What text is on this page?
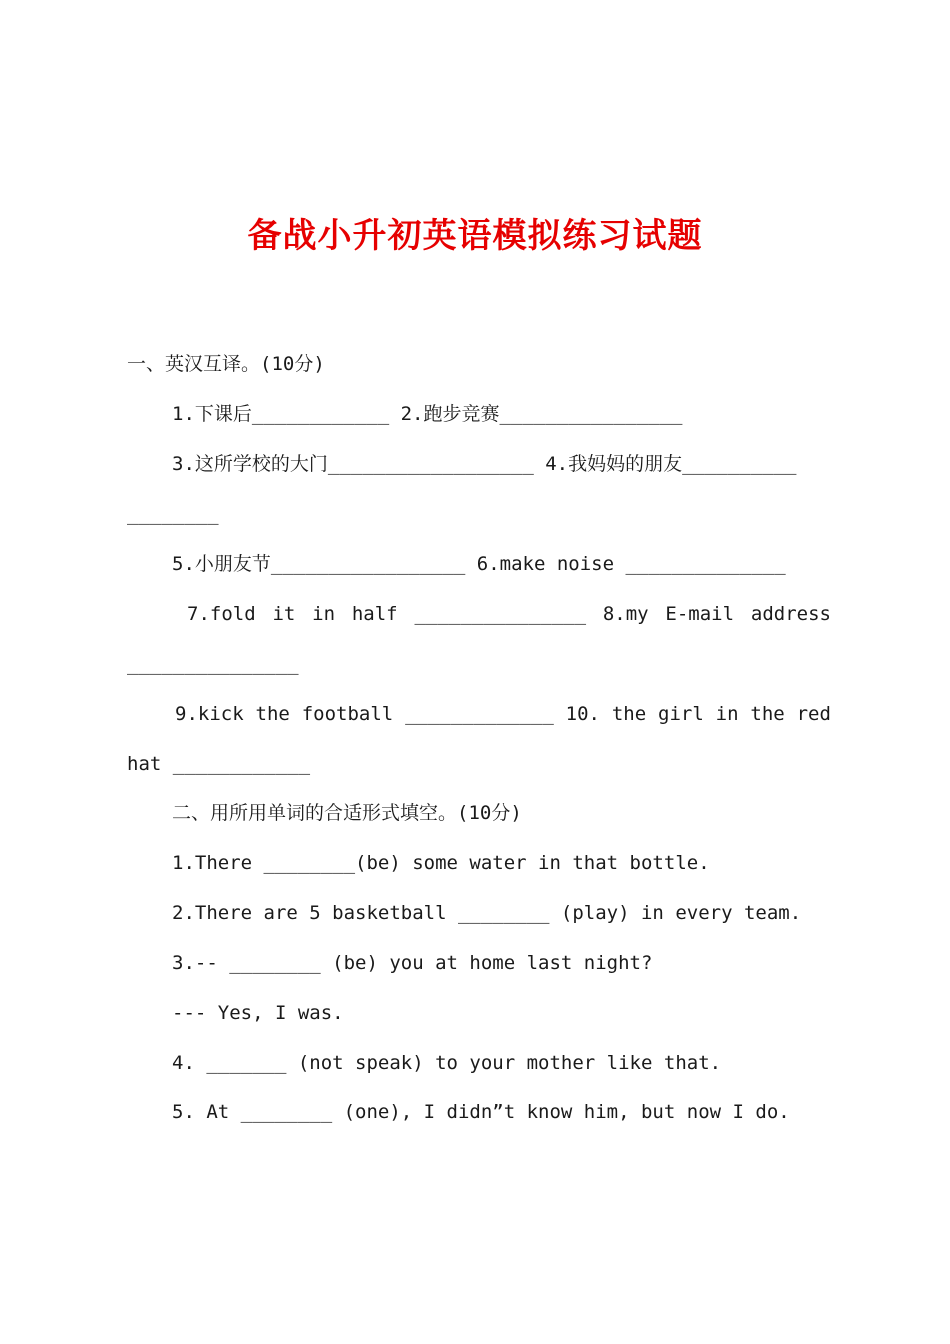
备战小升初英语模拟练习试题
一、英汉互译。(10分)
1.下课后____________ 2.跑步竞赛________________
3.这所学校的大门__________________ 4.我妈妈的朋友__________
________
5.小朋友节_________________ 6.make noise ______________
7.fold it in half _______________ 8.my E-mail address
_______________
9.kick the football _____________ 10. the girl in the red
hat ____________
二、用所用单词的合适形式填空。(10分)
1.There ________(be) some water in that bottle.
2.There are 5 basketball ________ (play) in every team.
3.-- ________ (be) you at home last night?
--- Yes, I was.
4. _______ (not speak) to your mother like that.
5. At ________ (one), I didn”t know him, but now I do.
